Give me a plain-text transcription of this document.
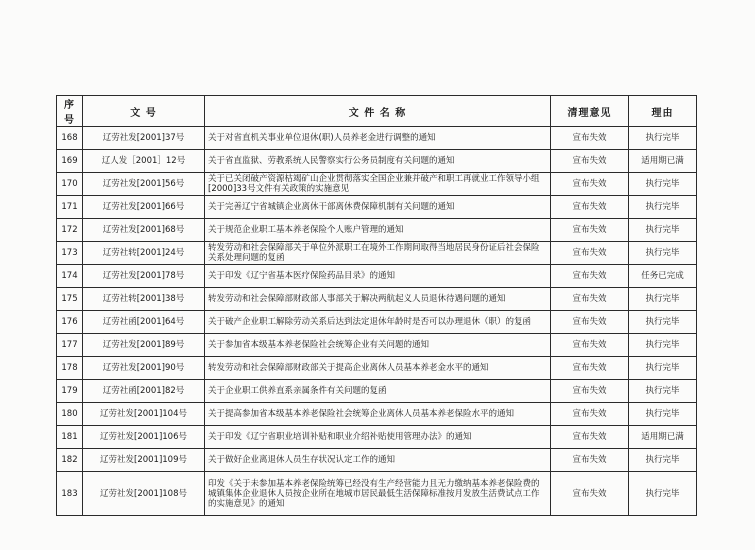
序号	文 号	文 件 名 称	清理意见	理由
168	辽劳社发[2001]37号	关于对省直机关事业单位退休(职)人员养老金进行调整的通知	宣布失效	执行完毕
169	辽人发［2001］12号	关于省直监狱、劳教系统人民警察实行公务员制度有关问题的通知	宣布失效	适用期已满
170	辽劳社发[2001]56号	关于已关闭破产资源枯竭矿山企业贯彻落实全国企业兼并破产和职工再就业工作领导小组[2000]33号文件有关政策的实施意见	宣布失效	执行完毕
171	辽劳社发[2001]66号	关于完善辽宁省城镇企业离休干部离休费保障机制有关问题的通知	宣布失效	执行完毕
172	辽劳社发[2001]68号	关于规范企业职工基本养老保险个人账户管理的通知	宣布失效	执行完毕
173	辽劳社转[2001]24号	转发劳动和社会保障部关于单位外派职工在境外工作期间取得当地居民身份证后社会保险关系处理问题的复函	宣布失效	执行完毕
174	辽劳社发[2001]78号	关于印发《辽宁省基本医疗保险药品目录》的通知	宣布失效	任务已完成
175	辽劳社转[2001]38号	转发劳动和社会保障部财政部人事部关于解决两航起义人员退休待遇问题的通知	宣布失效	执行完毕
176	辽劳社函[2001]64号	关于破产企业职工解除劳动关系后达到法定退休年龄时是否可以办理退休（职）的复函	宣布失效	执行完毕
177	辽劳社发[2001]89号	关于参加省本级基本养老保险社会统筹企业有关问题的通知	宣布失效	执行完毕
178	辽劳社发[2001]90号	转发劳动和社会保障部财政部关于提高企业离休人员基本养老金水平的通知	宣布失效	执行完毕
179	辽劳社函[2001]82号	关于企业职工供养直系亲属条件有关问题的复函	宣布失效	执行完毕
180	辽劳社发[2001]104号	关于提高参加省本级基本养老保险社会统筹企业离休人员基本养老保险水平的通知	宣布失效	执行完毕
181	辽劳社发[2001]106号	关于印发《辽宁省职业培训补贴和职业介绍补贴使用管理办法》的通知	宣布失效	适用期已满
182	辽劳社发[2001]109号	关于做好企业离退休人员生存状况认定工作的通知	宣布失效	执行完毕
183	辽劳社发[2001]108号	印发《关于未参加基本养老保险统筹已经没有生产经营能力且无力缴纳基本养老保险费的城镇集体企业退休人员按企业所在地城市居民最低生活保障标准按月发放生活费试点工作的实施意见》的通知	宣布失效	执行完毕
